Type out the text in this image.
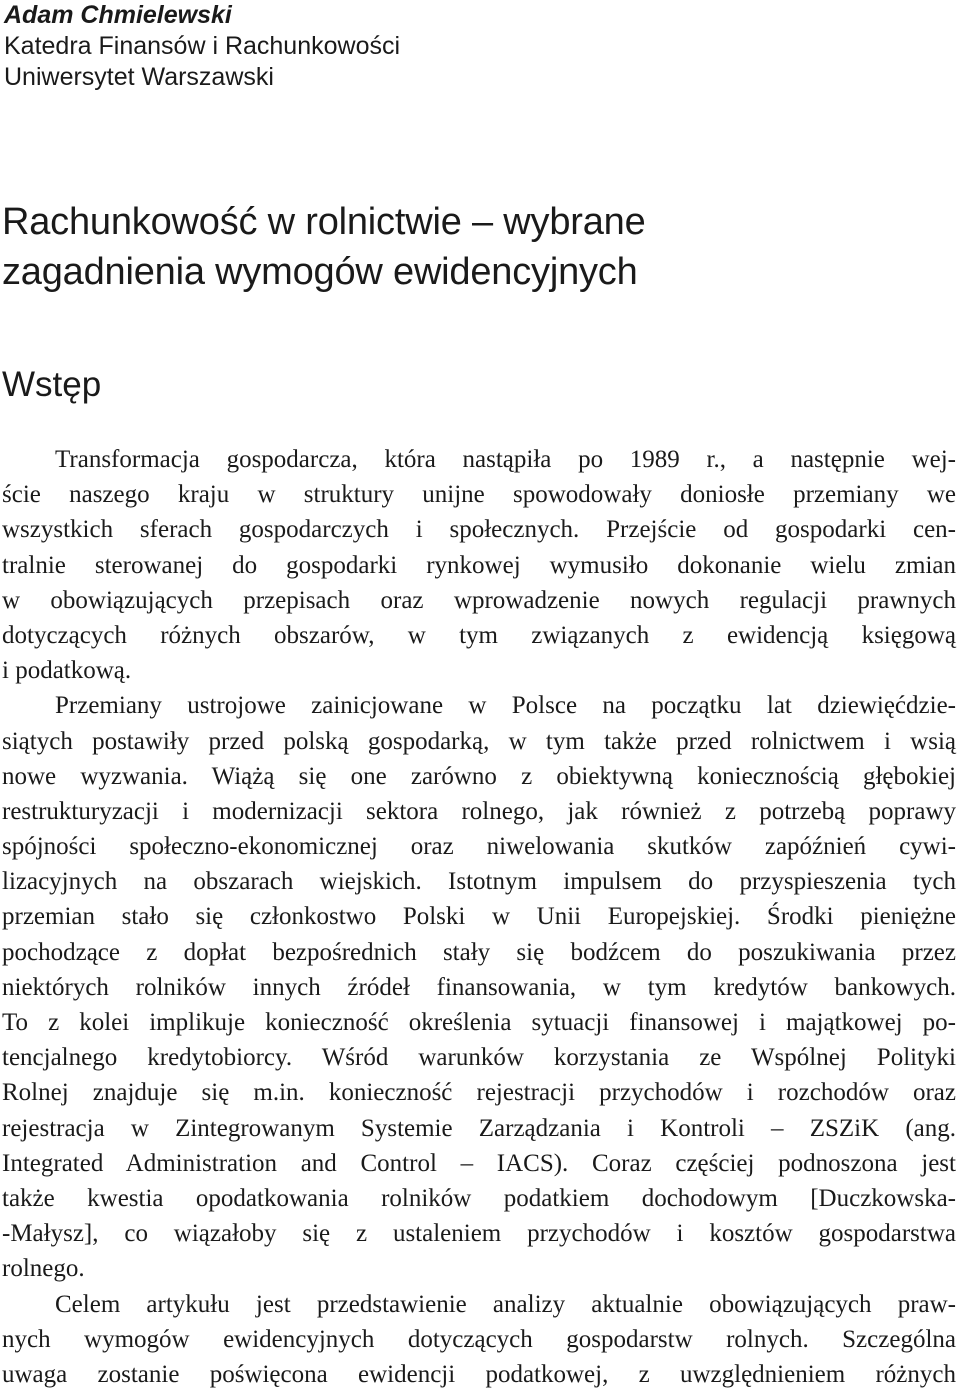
Adam Chmielewski
Katedra Finansów i Rachunkowości
Uniwersytet Warszawski
Rachunkowość w rolnictwie – wybrane
zagadnienia wymogów ewidencyjnych
Wstęp
Transformacja gospodarcza, która nastąpiła po 1989 r., a następnie wej-
ście naszego kraju w struktury unijne spowodowały doniosłe przemiany we
wszystkich sferach gospodarczych i społecznych. Przejście od gospodarki cen-
tralnie sterowanej do gospodarki rynkowej wymusiło dokonanie wielu zmian
w obowiązujących przepisach oraz wprowadzenie nowych regulacji prawnych
dotyczących różnych obszarów, w tym związanych z ewidencją księgową
i podatkową.
Przemiany ustrojowe zainicjowane w Polsce na początku lat dziewięćdzie-
siątych postawiły przed polską gospodarką, w tym także przed rolnictwem i wsią
nowe wyzwania. Wiążą się one zarówno z obiektywną koniecznością głębokiej
restrukturyzacji i modernizacji sektora rolnego, jak również z potrzebą poprawy
spójności społeczno-ekonomicznej oraz niwelowania skutków zapóźnień cywi-
lizacyjnych na obszarach wiejskich. Istotnym impulsem do przyspieszenia tych
przemian stało się członkostwo Polski w Unii Europejskiej. Środki pieniężne
pochodzące z dopłat bezpośrednich stały się bodźcem do poszukiwania przez
niektórych rolników innych źródeł finansowania, w tym kredytów bankowych.
To z kolei implikuje konieczność określenia sytuacji finansowej i majątkowej po-
tencjalnego kredytobiorcy. Wśród warunków korzystania ze Wspólnej Polityki
Rolnej znajduje się m.in. konieczność rejestracji przychodów i rozchodów oraz
rejestracja w Zintegrowanym Systemie Zarządzania i Kontroli – ZSZiK (ang.
Integrated Administration and Control – IACS). Coraz częściej podnoszona jest
także kwestia opodatkowania rolników podatkiem dochodowym [Duczkowska-
-Małysz], co wiązałoby się z ustaleniem przychodów i kosztów gospodarstwa
rolnego.
Celem artykułu jest przedstawienie analizy aktualnie obowiązujących praw-
nych wymogów ewidencyjnych dotyczących gospodarstw rolnych. Szczególna
uwaga zostanie poświęcona ewidencji podatkowej, z uwzględnieniem różnych
